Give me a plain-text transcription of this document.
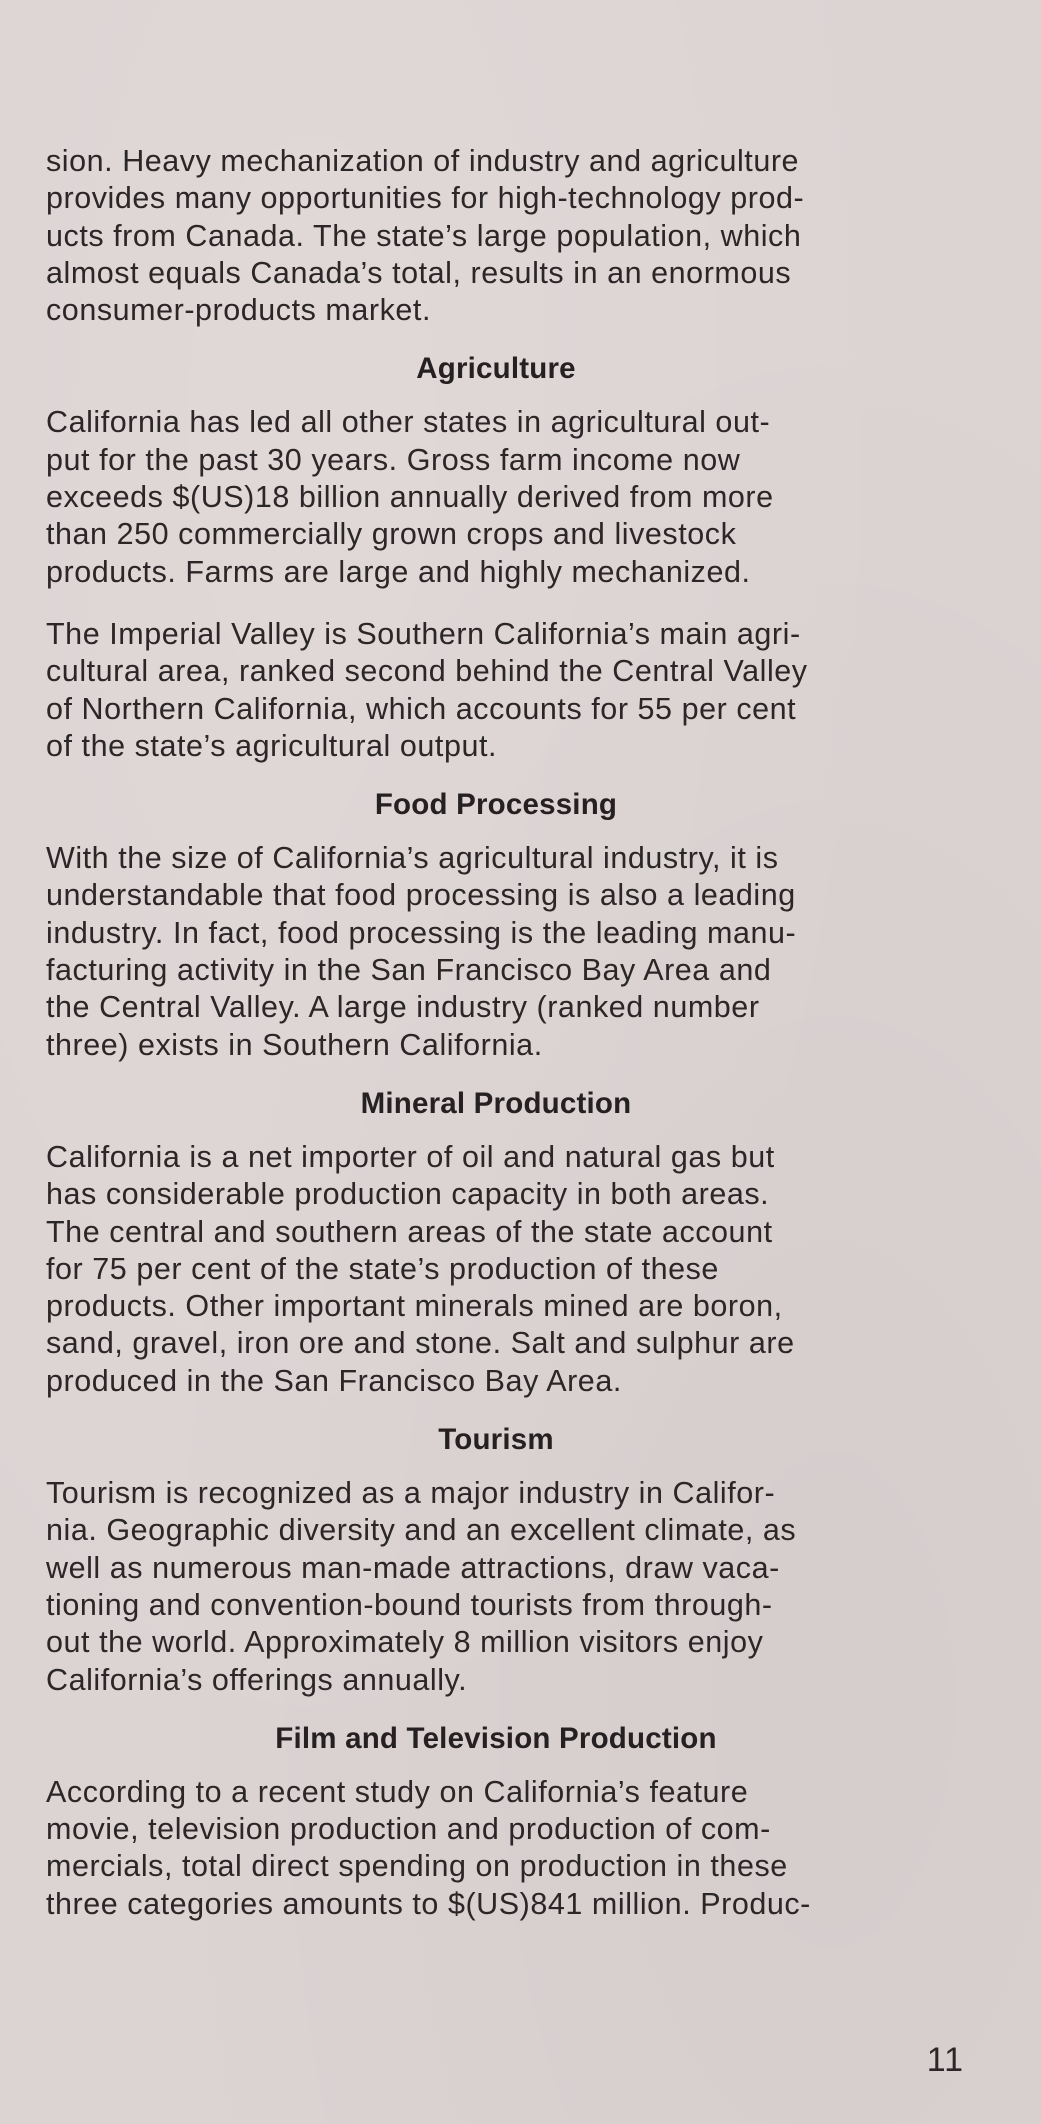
sion. Heavy mechanization of industry and agriculture
provides many opportunities for high-technology prod-
ucts from Canada. The state’s large population, which
almost equals Canada’s total, results in an enormous
consumer-products market.

Agriculture

California has led all other states in agricultural out-
put for the past 30 years. Gross farm income now
exceeds $(US)18 billion annually derived from more
than 250 commercially grown crops and livestock
products. Farms are large and highly mechanized.

The Imperial Valley is Southern California’s main agri-
cultural area, ranked second behind the Central Valley
of Northern California, which accounts for 55 per cent
of the state’s agricultural output.

Food Processing

With the size of California’s agricultural industry, it is
understandable that food processing is also a leading
industry. In fact, food processing is the leading manu-
facturing activity in the San Francisco Bay Area and
the Central Valley. A large industry (ranked number
three) exists in Southern California.

Mineral Production

California is a net importer of oil and natural gas but
has considerable production capacity in both areas.
The central and southern areas of the state account
for 75 per cent of the state’s production of these
products. Other important minerals mined are boron,
sand, gravel, iron ore and stone. Salt and sulphur are
produced in the San Francisco Bay Area.

Tourism

Tourism is recognized as a major industry in Califor-
nia. Geographic diversity and an excellent climate, as
well as numerous man-made attractions, draw vaca-
tioning and convention-bound tourists from through-
out the world. Approximately 8 million visitors enjoy
California’s offerings annually.

Film and Television Production

According to a recent study on California’s feature
movie, television production and production of com-
mercials, total direct spending on production in these
three categories amounts to $(US)841 million. Produc-

11
